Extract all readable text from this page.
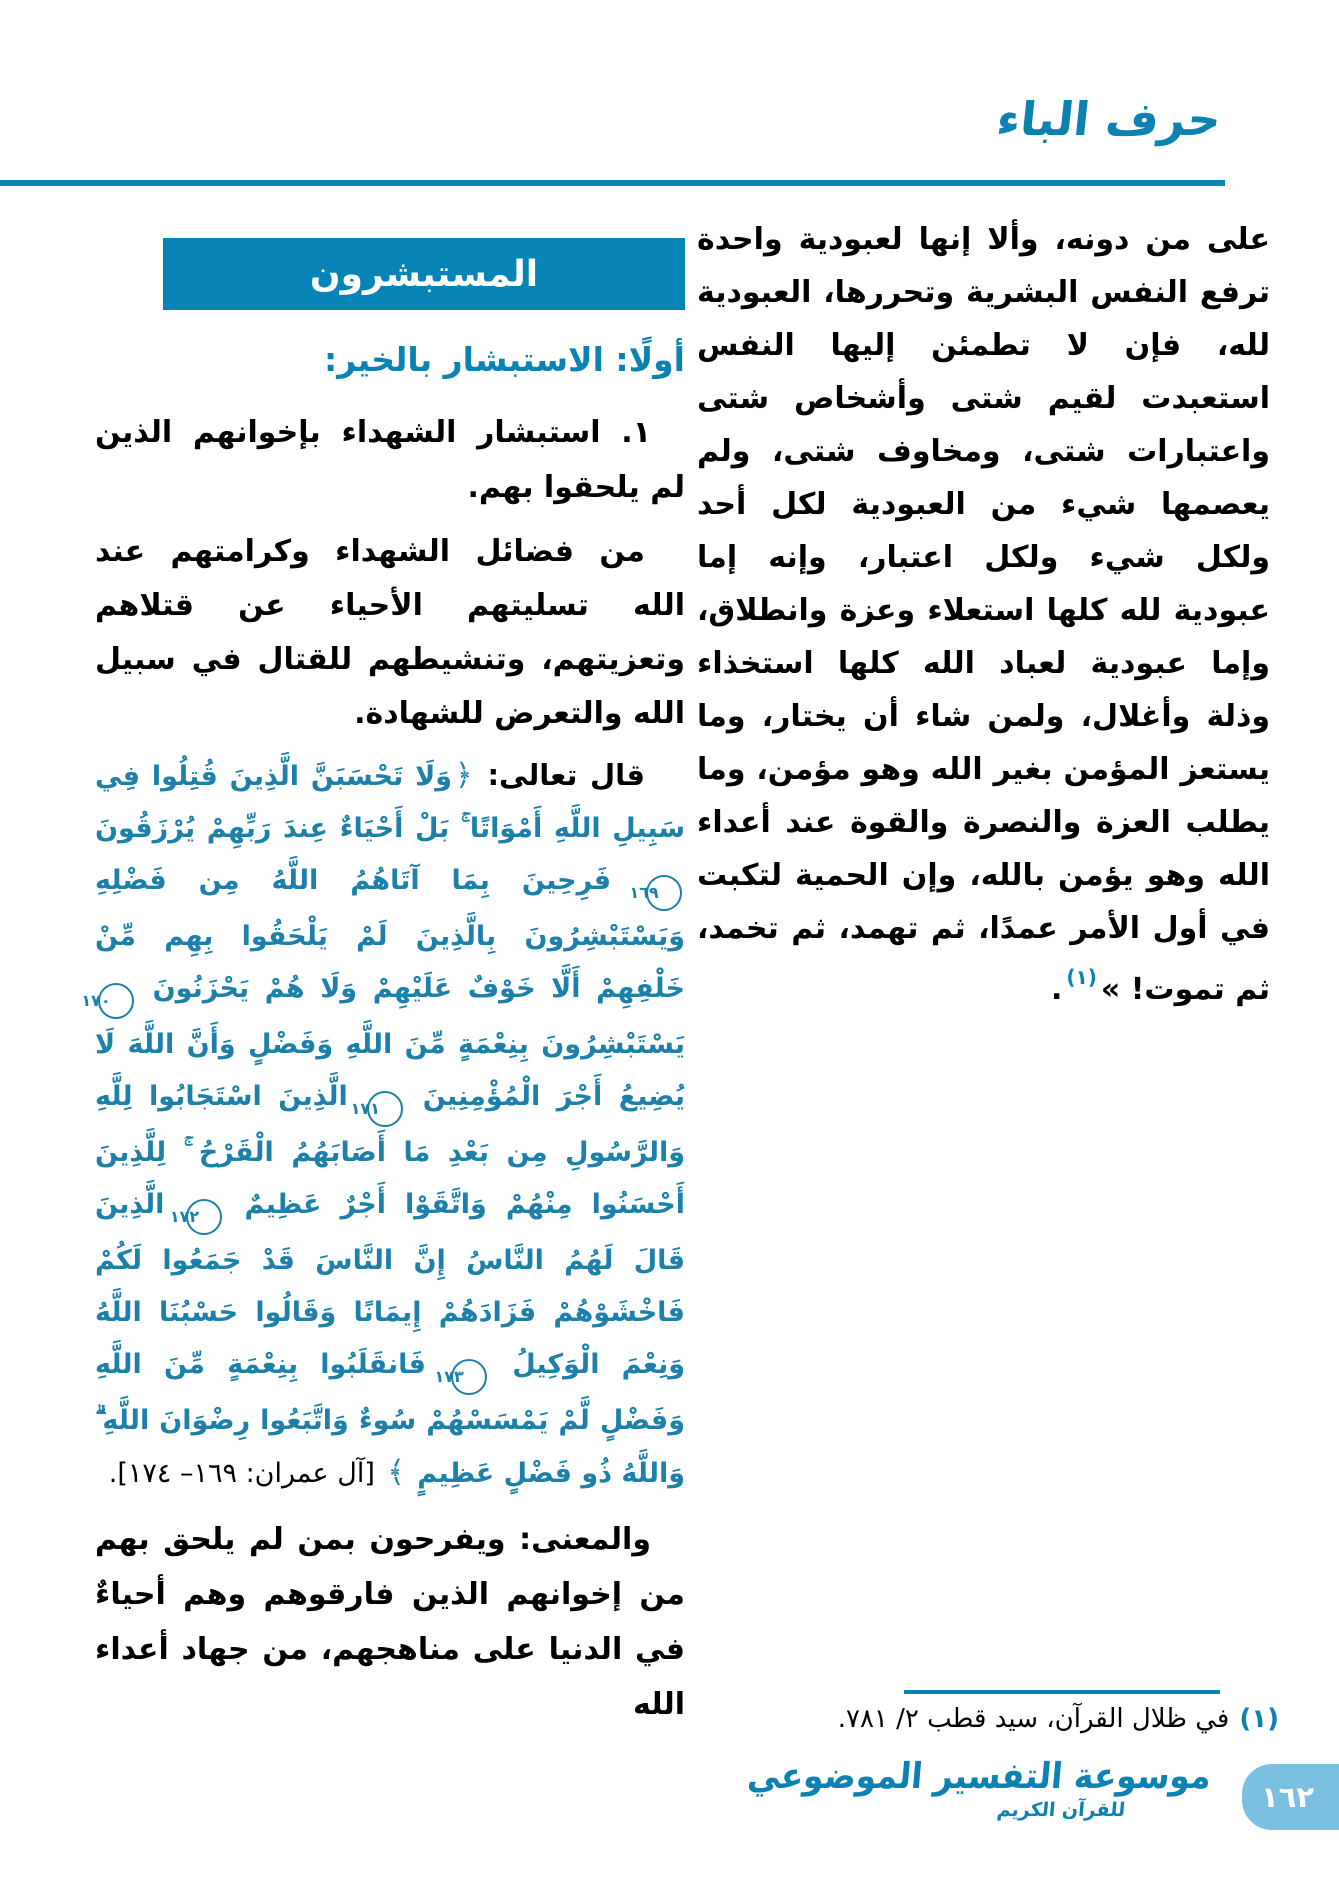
حرف الباء

على من دونه، وألا إنها لعبودية واحدة ترفع النفس البشرية وتحررها، العبودية لله، فإن لا تطمئن إليها النفس استعبدت لقيم شتى وأشخاص شتى واعتبارات شتى، ومخاوف شتى، ولم يعصمها شيء من العبودية لكل أحد ولكل شيء ولكل اعتبار، وإنه إما عبودية لله كلها استعلاء وعزة وانطلاق، وإما عبودية لعباد الله كلها استخذاء وذلة وأغلال، ولمن شاء أن يختار، وما يستعز المؤمن بغير الله وهو مؤمن، وما يطلب العزة والنصرة والقوة عند أعداء الله وهو يؤمن بالله، وإن الحمية لتكبت في أول الأمر عمدًا، ثم تهمد، ثم تخمد، ثم تموت! »$^{(١)}$.

المستبشرون
أولًا: الاستبشار بالخير:

١. استبشار الشهداء بإخوانهم الذين لم يلحقوا بهم.

من فضائل الشهداء وكرامتهم عند الله تسليتهم الأحياء عن قتلاهم وتعزيتهم، وتنشيطهم للقتال في سبيل الله والتعرض للشهادة.

قال تعالى: ﴿وَلَا تَحْسَبَنَّ الَّذِينَ قُتِلُوا فِي سَبِيلِ اللَّهِ أَمْوَاتًا ۚ بَلْ أَحْيَاءٌ عِندَ رَبِّهِمْ يُرْزَقُونَ ١٦٩ فَرِحِينَ بِمَا آتَاهُمُ اللَّهُ مِن فَضْلِهِ وَيَسْتَبْشِرُونَ بِالَّذِينَ لَمْ يَلْحَقُوا بِهِم مِّنْ خَلْفِهِمْ أَلَّا خَوْفٌ عَلَيْهِمْ وَلَا هُمْ يَحْزَنُونَ ١٧٠ يَسْتَبْشِرُونَ بِنِعْمَةٍ مِّنَ اللَّهِ وَفَضْلٍ وَأَنَّ اللَّهَ لَا يُضِيعُ أَجْرَ الْمُؤْمِنِينَ ١٧١ الَّذِينَ اسْتَجَابُوا لِلَّهِ وَالرَّسُولِ مِن بَعْدِ مَا أَصَابَهُمُ الْقَرْحُ ۚ لِلَّذِينَ أَحْسَنُوا مِنْهُمْ وَاتَّقَوْا أَجْرٌ عَظِيمٌ ١٧٢ الَّذِينَ قَالَ لَهُمُ النَّاسُ إِنَّ النَّاسَ قَدْ جَمَعُوا لَكُمْ فَاخْشَوْهُمْ فَزَادَهُمْ إِيمَانًا وَقَالُوا حَسْبُنَا اللَّهُ وَنِعْمَ الْوَكِيلُ ١٧٣ فَانقَلَبُوا بِنِعْمَةٍ مِّنَ اللَّهِ وَفَضْلٍ لَّمْ يَمْسَسْهُمْ سُوءٌ وَاتَّبَعُوا رِضْوَانَ اللَّهِ ۗ وَاللَّهُ ذُو فَضْلٍ عَظِيمٍ ﴾ [آل عمران: ١٦٩– ١٧٤].

والمعنى: ويفرحون بمن لم يلحق بهم من إخوانهم الذين فارقوهم وهم أحياءٌ في الدنيا على مناهجهم، من جهاد أعداء الله	(١)في ظلال القرآن، سيد قطب ٢/ ٧٨١.
موسوعة التفسير الموضوعي
للقرآن الكريم	١٦٢
